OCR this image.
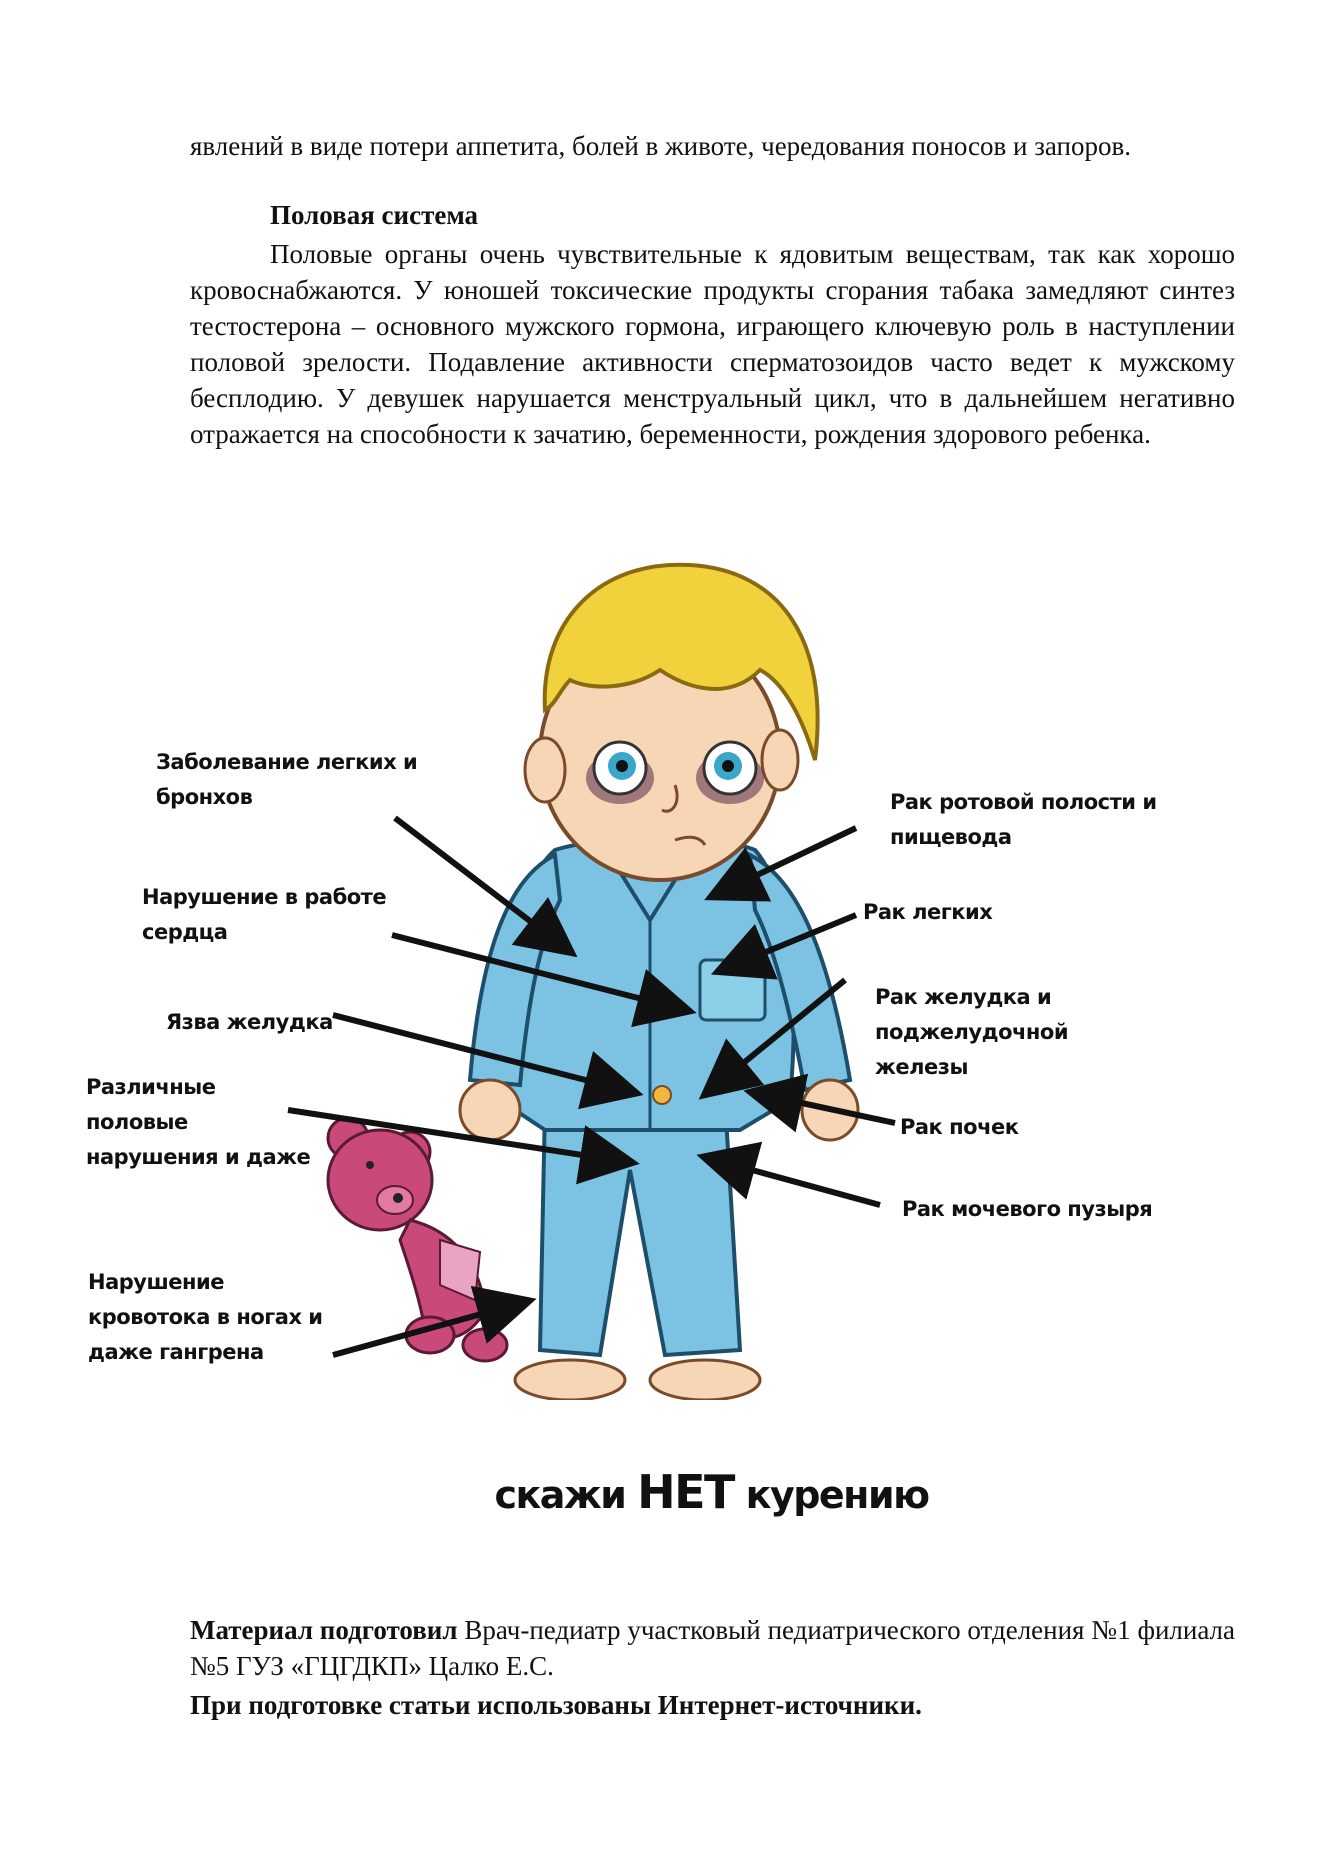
явлений в виде потери аппетита, болей в животе, чередования поносов и запоров.

Половая система

Половые органы очень чувствительные к ядовитым веществам, так как хорошо кровоснабжаются. У юношей токсические продукты сгорания табака замедляют синтез тестостерона – основного мужского гормона, играющего ключевую роль в наступлении половой зрелости. Подавление активности сперматозоидов часто ведет к мужскому бесплодию. У девушек нарушается менструальный цикл, что в дальнейшем негативно отражается на способности к зачатию, беременности, рождения здорового ребенка.

Заболевание легких и
бронхов
Нарушение в работе
сердца
Язва желудка
Различные
половые
нарушения и даже
Нарушение
кровотока в ногах и
даже гангрена
Рак ротовой полости и
пищевода
Рак легких
Рак желудка и
поджелудочной
железы
Рак почек
Рак мочевого пузыря
скажи НЕТ курению

Материал подготовил Врач-педиатр участковый педиатрического отделения №1 филиала №5 ГУЗ «ГЦГДКП» Цалко Е.С.

При подготовке статьи использованы Интернет-источники.
